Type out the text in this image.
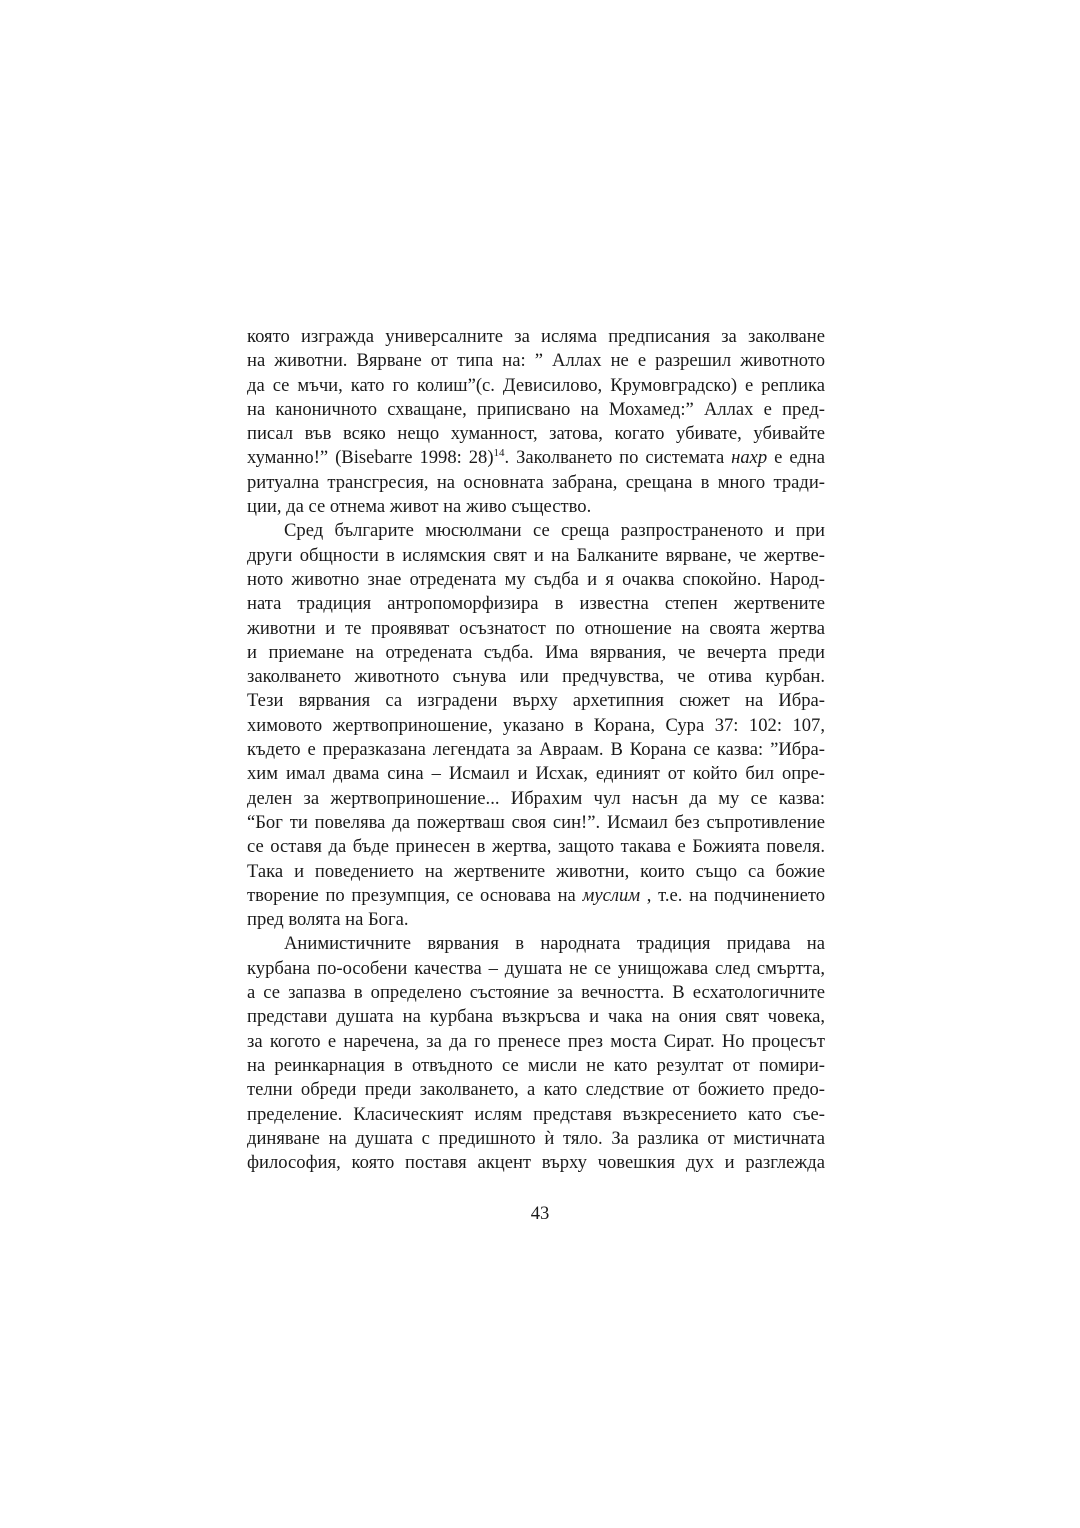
която изгражда универсалните за исляма предписания за заколване
на животни. Вярване от типа на: ” Аллах не е разрешил животното
да се мъчи, като го колиш”(с. Девисилово, Крумовградско) е реплика
на каноничното схващане, приписвано на Мохамед:” Аллах е пред-
писал във всяко нещо хуманност, затова, когато убивате, убивайте
хуманно!” (Bisebarre 1998: 28)$^{14}$. Заколването по системата нахр е една
ритуална трансгресия, на основната забрана, срещана в много тради-
ции, да се отнема живот на живо същество.
Сред българите мюсюлмани се среща разпространеното и при
други общности в ислямския свят и на Балканите вярване, че жертве-
ното животно знае отредената му съдба и я очаква спокойно. Народ-
ната традиция антропоморфизира в известна степен жертвените
животни и те проявяват осъзнатост по отношение на своята жертва
и приемане на отредената съдба. Има вярвания, че вечерта преди
заколването животното сънува или предчувства, че отива курбан.
Тези вярвания са изградени върху архетипния сюжет на Ибра-
химовото жертвоприношение, указано в Корана, Сура 37: 102: 107,
където е преразказана легендата за Авраам. В Корана се казва: ”Ибра-
хим имал двама сина – Исмаил и Исхак, единият от който бил опре-
делен за жертвоприношение... Ибрахим чул насън да му се казва:
“Бог ти повелява да пожертваш своя син!”. Исмаил без съпротивление
се оставя да бъде принесен в жертва, защото такава е Божията повеля.
Така и поведението на жертвените животни, които също са божие
творение по презумпция, се основава на муслим , т.е. на подчинението
пред волята на Бога.
Анимистичните вярвания в народната традиция придава на
курбана по-особени качества – душата не се унищожава след смъртта,
а се запазва в определено състояние за вечността. В есхатологичните
представи душата на курбана възкръсва и чака на ония свят човека,
за когото е наречена, за да го пренесе през моста Сират. Но процесът
на реинкарнация в отвъдното се мисли не като резултат от помири-
телни обреди преди заколването, а като следствие от божието предо-
пределение. Класическият ислям представя възкресението като съе-
диняване на душата с предишното ѝ тяло. За разлика от мистичната
философия, която поставя акцент върху човешкия дух и разглежда
43
